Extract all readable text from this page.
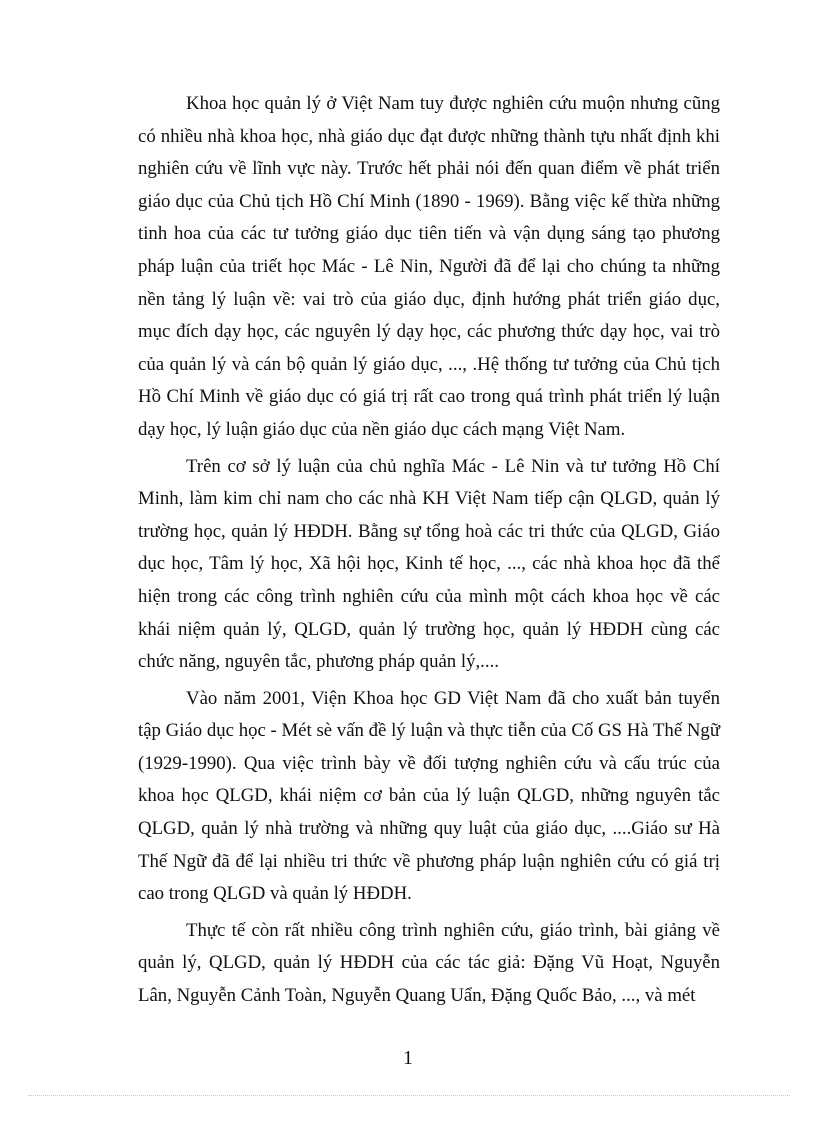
Khoa học quản lý ở Việt Nam tuy được nghiên cứu muộn nhưng cũng có nhiều nhà khoa học, nhà giáo dục đạt được những thành tựu nhất định khi nghiên cứu về lĩnh vực này. Trước hết phải nói đến quan điểm về phát triển giáo dục của Chủ tịch Hồ Chí Minh (1890 - 1969). Bằng việc kế thừa những tinh hoa của các tư tưởng giáo dục tiên tiến và vận dụng sáng tạo phương pháp luận của triết học Mác - Lê Nin, Người đã để lại cho chúng ta những nền tảng lý luận về: vai trò của giáo dục, định hướng phát triển giáo dục, mục đích dạy học, các nguyên lý dạy học, các phương thức dạy học, vai trò của quản lý và cán bộ quản lý giáo dục, ..., .Hệ thống tư tưởng của Chủ tịch Hồ Chí Minh về giáo dục có giá trị rất cao trong quá trình phát triển lý luận dạy học, lý luận giáo dục của nền giáo dục cách mạng Việt Nam.

Trên cơ sở lý luận của chủ nghĩa Mác - Lê Nin và tư tưởng Hồ Chí Minh, làm kim chỉ nam cho các nhà KH Việt Nam tiếp cận QLGD, quản lý trường học, quản lý HĐDH. Bằng sự tổng hoà các tri thức của QLGD, Giáo dục học, Tâm lý học, Xã hội học, Kinh tế học, ..., các nhà khoa học đã thể hiện trong các công trình nghiên cứu của mình một cách khoa học về các khái niệm quản lý, QLGD, quản lý trường học, quản lý HĐDH cùng các chức năng, nguyên tắc, phương pháp quản lý,....

Vào năm 2001, Viện Khoa học GD Việt Nam đã cho xuất bản tuyển tập Giáo dục học - Mét sè vấn đề lý luận và thực tiễn của Cố GS Hà Thế Ngữ (1929-1990). Qua việc trình bày về đối tượng nghiên cứu và cấu trúc của khoa học QLGD, khái niệm cơ bản của lý luận QLGD, những nguyên tắc QLGD, quản lý nhà trường và những quy luật của giáo dục, ....Giáo sư Hà Thế Ngữ đã để lại nhiều tri thức về phương pháp luận nghiên cứu có giá trị cao trong QLGD và quản lý HĐDH.

Thực tế còn rất nhiều công trình nghiên cứu, giáo trình, bài giảng về quản lý, QLGD, quản lý HĐDH của các tác giả: Đặng Vũ Hoạt, Nguyễn Lân, Nguyễn Cảnh Toàn, Nguyễn Quang Uẩn, Đặng Quốc Bảo, ..., và mét

1
